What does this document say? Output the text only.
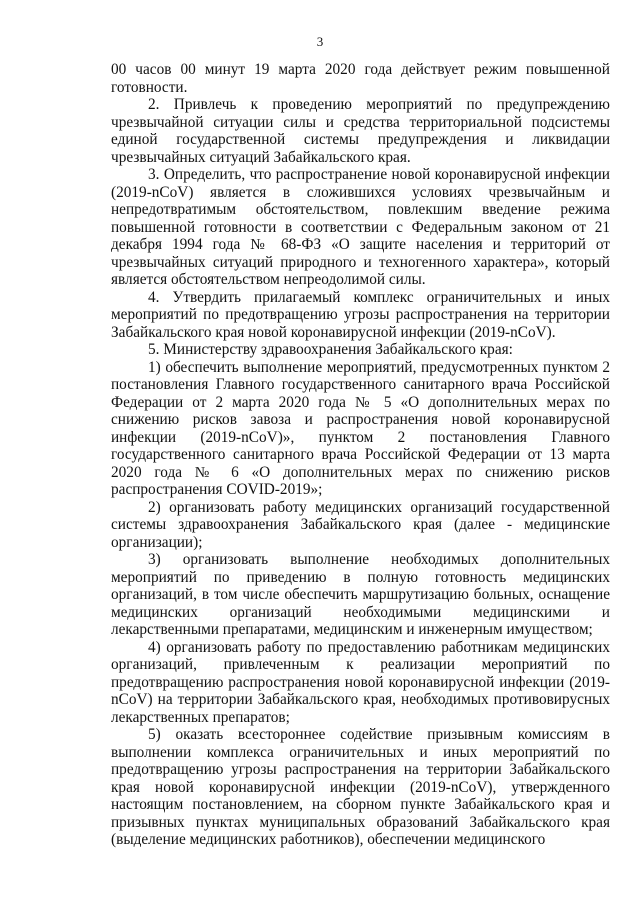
3

00 часов 00 минут 19 марта 2020 года действует режим повышенной готовности.

2. Привлечь к проведению мероприятий по предупреждению чрезвычайной ситуации силы и средства территориальной подсистемы единой государственной системы предупреждения и ликвидации чрезвычайных ситуаций Забайкальского края.

3. Определить, что распространение новой коронавирусной инфекции (2019-nCoV) является в сложившихся условиях чрезвычайным и непредотвратимым обстоятельством, повлекшим введение режима повышенной готовности в соответствии с Федеральным законом от 21 декабря 1994 года № 68-ФЗ «О защите населения и территорий от чрезвычайных ситуаций природного и техногенного характера», который является обстоятельством непреодолимой силы.

4. Утвердить прилагаемый комплекс ограничительных и иных мероприятий по предотвращению угрозы распространения на территории Забайкальского края новой коронавирусной инфекции (2019-nCoV).

5. Министерству здравоохранения Забайкальского края:

1) обеспечить выполнение мероприятий, предусмотренных пунктом 2 постановления Главного государственного санитарного врача Российской Федерации от 2 марта 2020 года № 5 «О дополнительных мерах по снижению рисков завоза и распространения новой коронавирусной инфекции (2019-nCoV)», пунктом 2 постановления Главного государственного санитарного врача Российской Федерации от 13 марта 2020 года № 6 «О дополнительных мерах по снижению рисков распространения COVID-2019»;

2) организовать работу медицинских организаций государственной системы здравоохранения Забайкальского края (далее - медицинские организации);

3) организовать выполнение необходимых дополнительных мероприятий по приведению в полную готовность медицинских организаций, в том числе обеспечить маршрутизацию больных, оснащение медицинских организаций необходимыми медицинскими и лекарственными препаратами, медицинским и инженерным имуществом;

4) организовать работу по предоставлению работникам медицинских организаций, привлеченным к реализации мероприятий по предотвращению распространения новой коронавирусной инфекции (2019-nCoV) на территории Забайкальского края, необходимых противовирусных лекарственных препаратов;

5) оказать всестороннее содействие призывным комиссиям в выполнении комплекса ограничительных и иных мероприятий по предотвращению угрозы распространения на территории Забайкальского края новой коронавирусной инфекции (2019-nCoV), утвержденного настоящим постановлением, на сборном пункте Забайкальского края и призывных пунктах муниципальных образований Забайкальского края (выделение медицинских работников), обеспечении медицинского
